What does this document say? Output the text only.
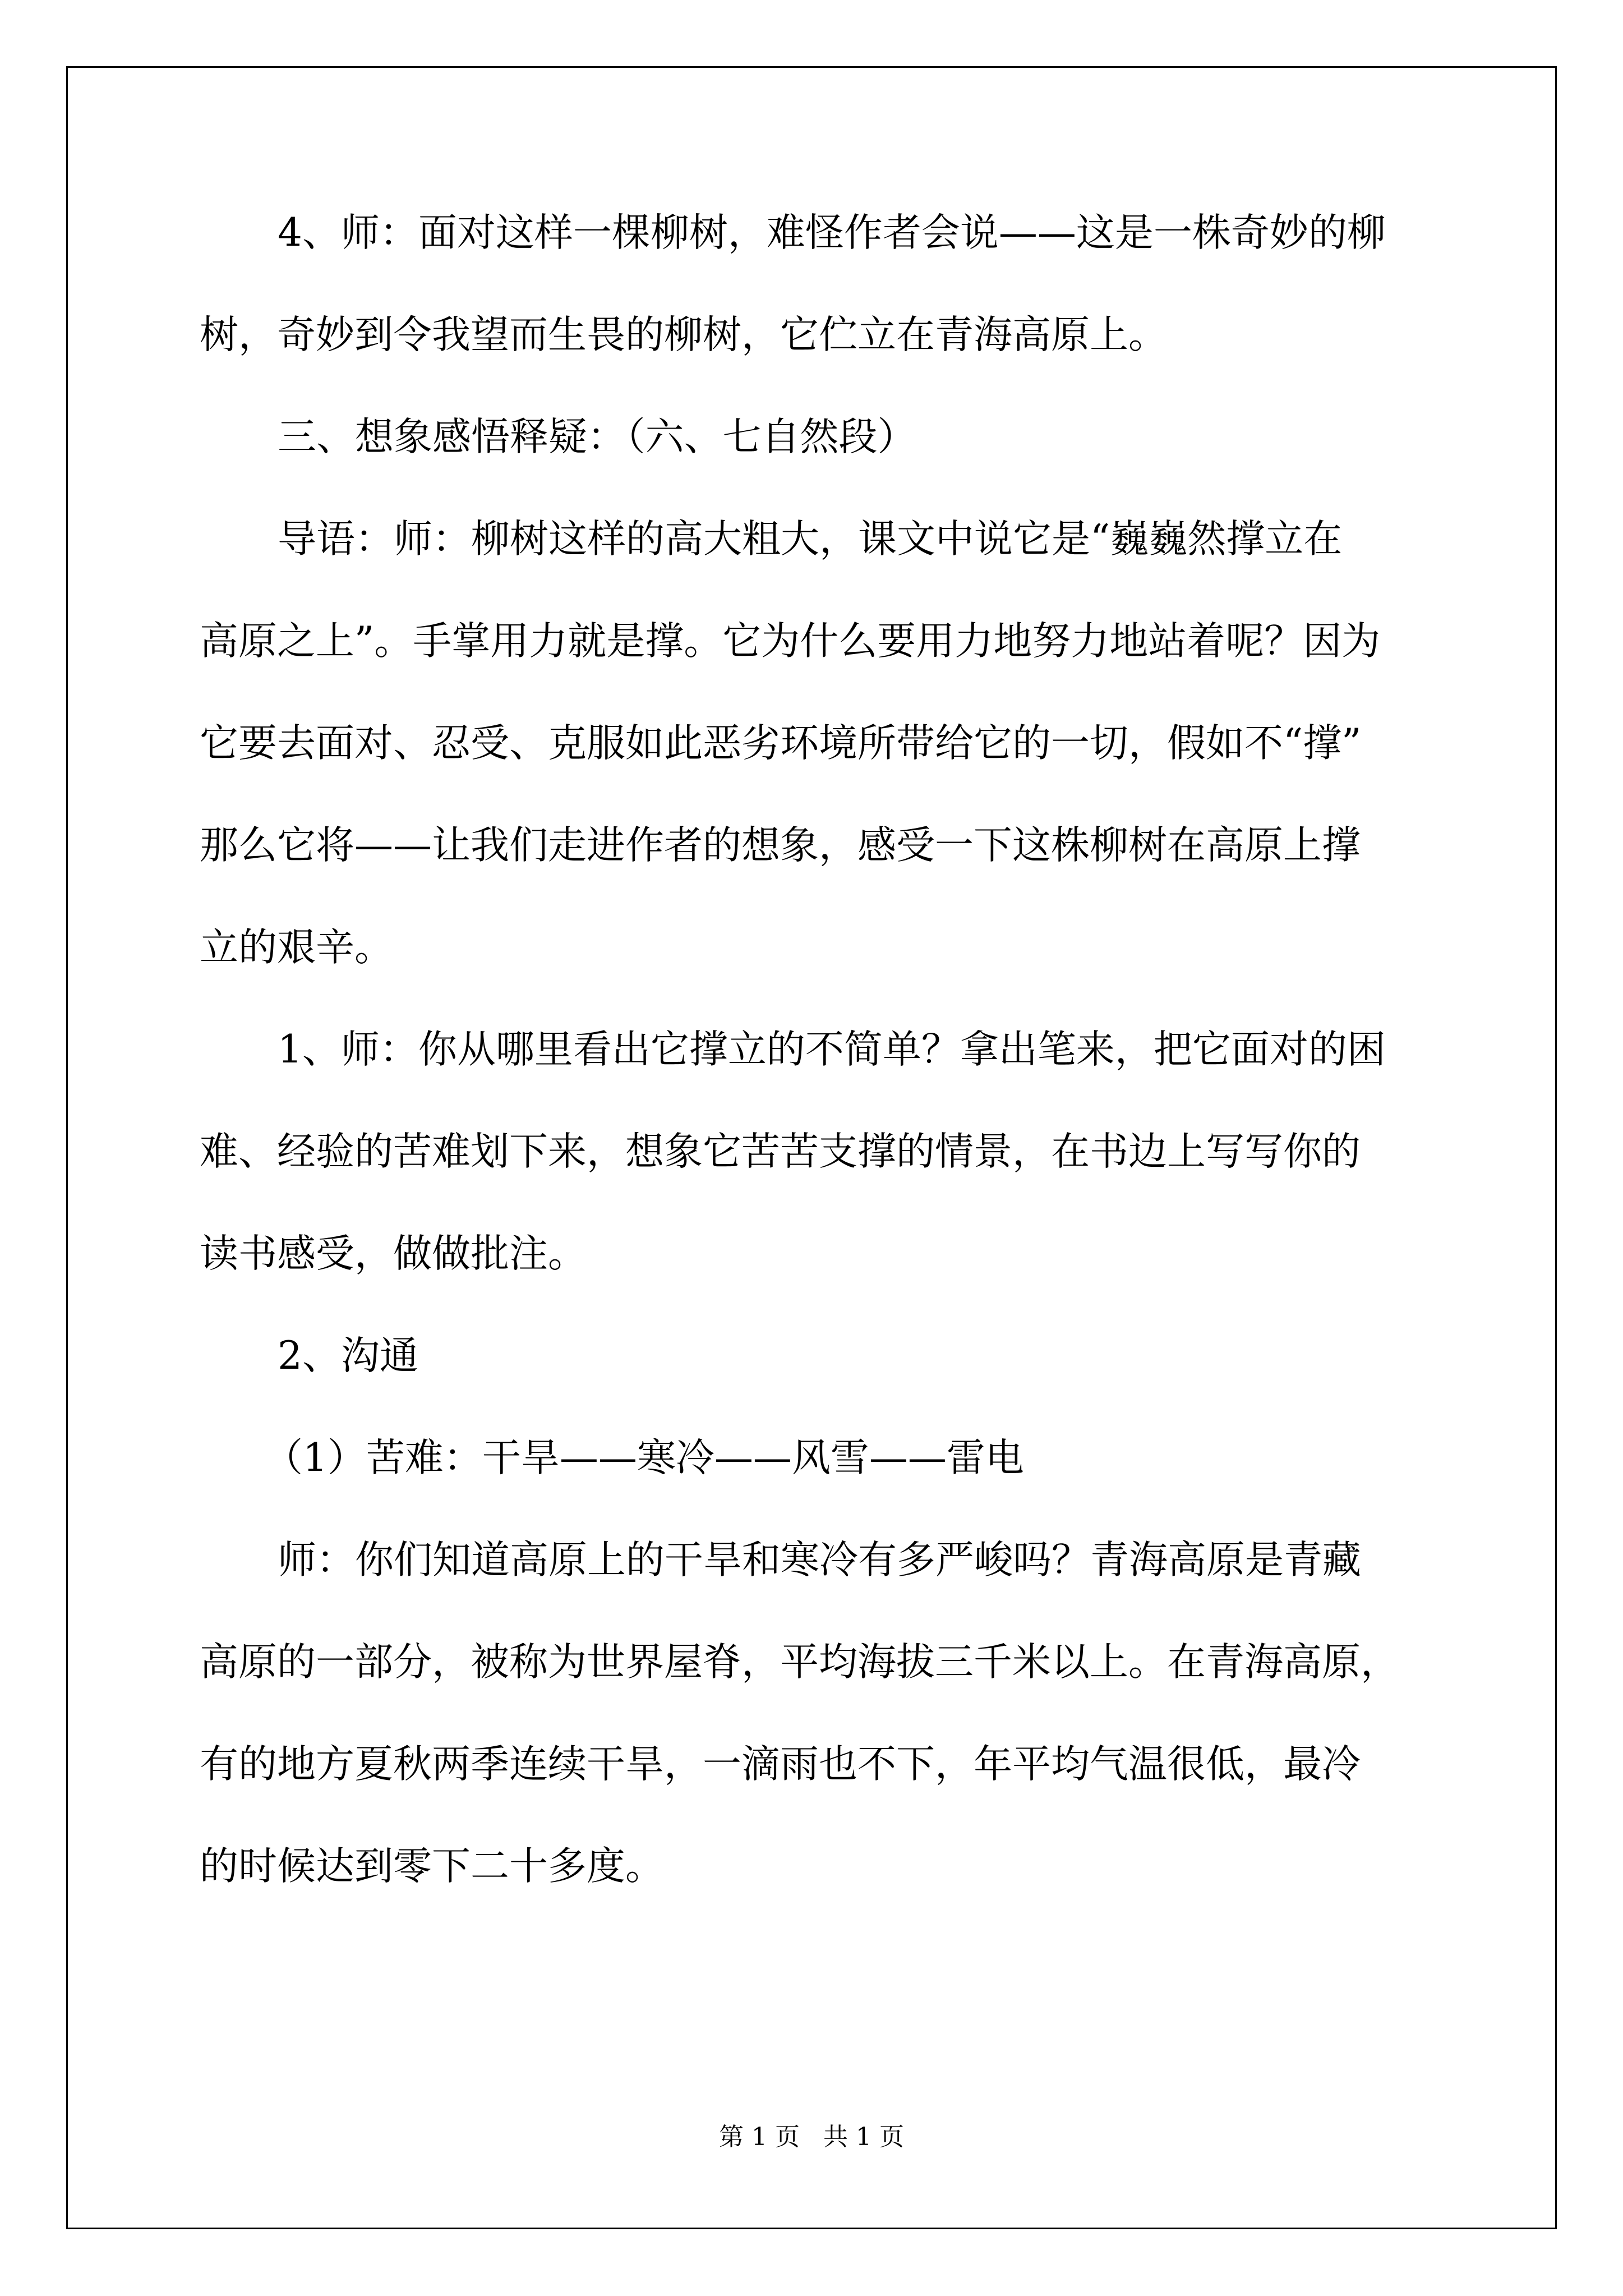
4、师：面对这样一棵柳树，难怪作者会说——这是一株奇妙的柳
树，奇妙到令我望而生畏的柳树，它伫立在青海高原上。
三、想象感悟释疑：（六、七自然段）
导语：师：柳树这样的高大粗大，课文中说它是“巍巍然撑立在
高原之上”。手掌用力就是撑。它为什么要用力地努力地站着呢？因为
它要去面对、忍受、克服如此恶劣环境所带给它的一切，假如不“撑”
那么它将——让我们走进作者的想象，感受一下这株柳树在高原上撑
立的艰辛。
1、师：你从哪里看出它撑立的不简单？拿出笔来，把它面对的困
难、经验的苦难划下来，想象它苦苦支撑的情景，在书边上写写你的
读书感受，做做批注。
2、沟通
（1）苦难：干旱——寒冷——风雪——雷电
师：你们知道高原上的干旱和寒冷有多严峻吗？青海高原是青藏
高原的一部分，被称为世界屋脊，平均海拔三千米以上。在青海高原，
有的地方夏秋两季连续干旱，一滴雨也不下，年平均气温很低，最冷
的时候达到零下二十多度。
第 1 页   共 1 页
